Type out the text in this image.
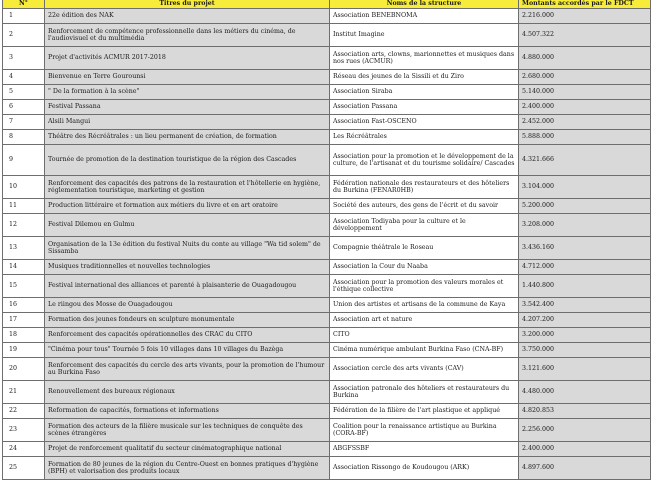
N°	Titres du projet	Noms de la structure	Montants accordés par le FDCT
1	22e édition des NAK	Association BENEBNOMA	2.216.000
2	Renforcement de compétence professionnelle dans les métiers du cinéma, de l'audiovisuel et du multimédia	Institut Imagine	4.507.322
3	Projet d'activités ACMUR 2017-2018	Association arts, clowns, marionnettes et musiques dans nos rues (ACMUR)	4.880.000
4	Bienvenue en Terre Gourounsi	Réseau des jeunes de la Sissili et du Ziro	2.680.000
5	" De la formation à la scène"	Association Siraba	5.140.000
6	Festival Passana	Association Passana	2.400.000
7	Alsili Mangui	Association Fast-OSCENO	2.452.000
8	Théâtre des Récréâtrales : un lieu permanent de création, de formation	Les Récréâtrales	5.888.000
9	Tournée de promotion de la destination touristique de la région des Cascades	Association pour la promotion et le développement de la culture, de l'artisanat et du tourisme solidaire/ Cascades	4.321.666
10	Renforcement des capacités des patrons de la restauration et l'hôtellerie en hygiène, réglementation touristique, marketing et gestion	Fédération nationale des restaurateurs et des hôteliers du Burkina (FENAR0HB)	3.104.000
11	Production littéraire et formation aux métiers du livre et en art oratoire	Société des auteurs, des gens de l'écrit et du savoir	5.200.000
12	Festival Dilemou en Gulmu	Association Todiyaba pour la culture et le développement	3.208.000
13	Organisation de la 13e édition du festival Nuits du conte au village "Wa tid solem" de Sissamba	Compagnie théâtrale le Roseau	3.436.160
14	Musiques traditionnelles et nouvelles technologies	Association la Cour du Naaba	4.712.000
15	Festival international des alliances et parenté à plaisanterie de Ouagadougou	Association pour la promotion des valeurs morales et l'éthique collective	1.440.800
16	Le riingou des Mosse de Ouagadougou	Union des artistes et artisans de la commune de Kaya	3.542.400
17	Formation des jeunes fondeurs en sculpture monumentale	Association art et nature	4.207.200
18	Renforcement des capacités opérationnelles des CRAC du CITO	CITO	3.200.000
19	"Cinéma pour tous" Tournée 5 fois 10 villages dans 10 villages du Bazèga	Cinéma numérique ambulant Burkina Faso (CNA-BF)	3.750.000
20	Renforcement des capacités du cercle des arts vivants, pour la promotion de l'humour au Burkina Faso	Association cercle des arts vivants (CAV)	3.121.600
21	Renouvellement des bureaux régionaux	Association patronale des hôteliers et restaurateurs du Burkina	4.480.000
22	Reformation de capacités, formations et informations	Fédération de la filière de l'art plastique et appliqué	4.820.853
23	Formation des acteurs de la filière musicale sur les techniques de conquête des scènes étrangères	Coalition pour la renaissance artistique au Burkina (CORA-BF)	2.256.000
24	Projet de renforcement qualitatif du secteur cinématographique national	ABGFSSBF	2.400.000
25	Formation de 80 jeunes de la région du Centre-Ouest en bonnes pratiques d'hygiène (BPH) et valorisation des produits locaux	Association Rissongo de Koudougou (ARK)	4.897.600
